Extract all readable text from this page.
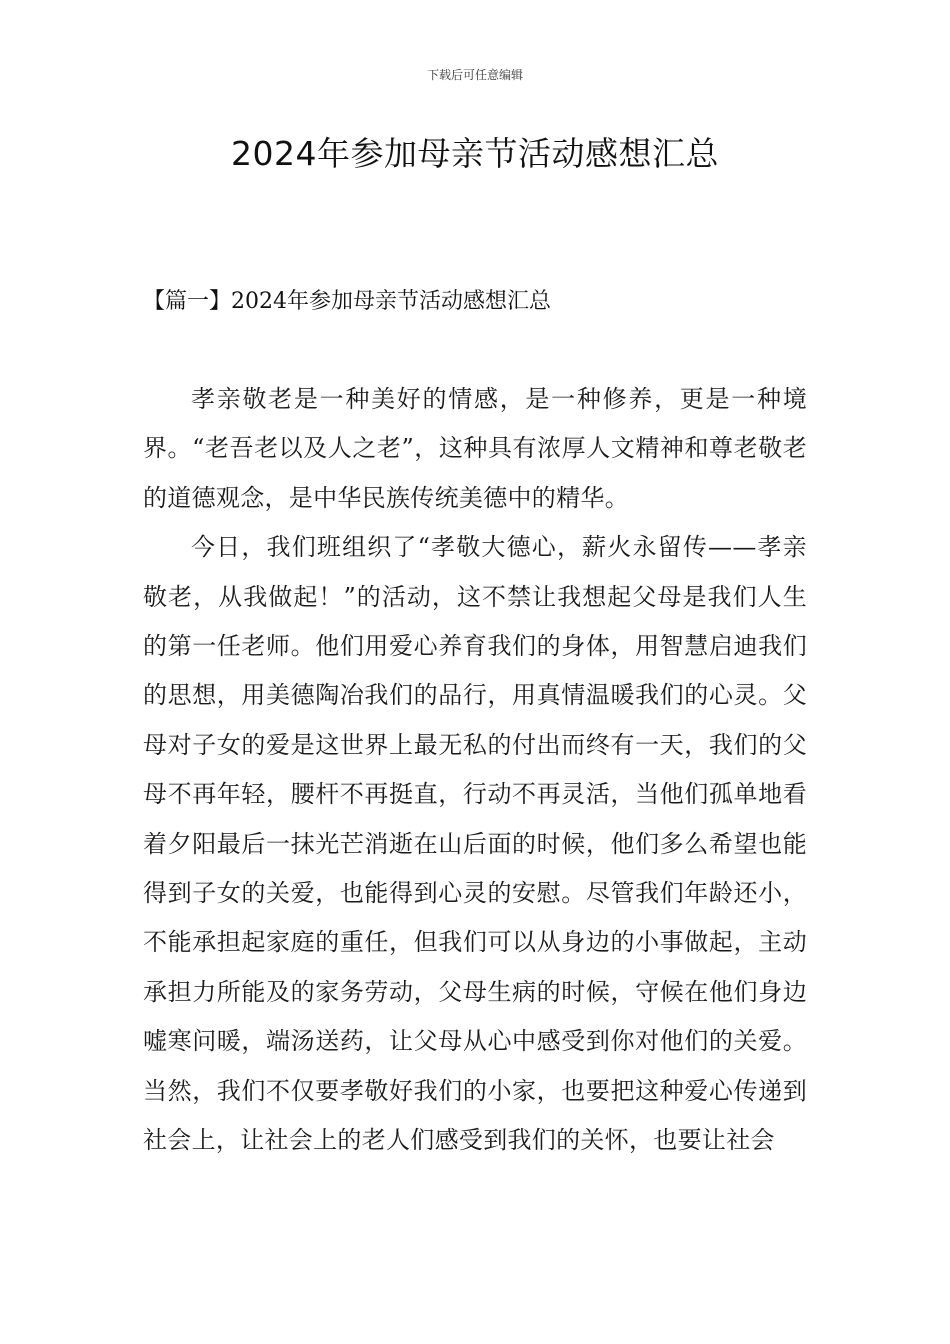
下载后可任意编辑
2024年参加母亲节活动感想汇总
【篇一】2024年参加母亲节活动感想汇总

孝亲敬老是一种美好的情感，是一种修养，更是一种境界。“老吾老以及人之老”，这种具有浓厚人文精神和尊老敬老的道德观念，是中华民族传统美德中的精华。

今日，我们班组织了“孝敬大德心，薪火永留传——孝亲敬老，从我做起！”的活动，这不禁让我想起父母是我们人生的第一任老师。他们用爱心养育我们的身体，用智慧启迪我们的思想，用美德陶冶我们的品行，用真情温暖我们的心灵。父母对子女的爱是这世界上最无私的付出而终有一天，我们的父母不再年轻，腰杆不再挺直，行动不再灵活，当他们孤单地看着夕阳最后一抹光芒消逝在山后面的时候，他们多么希望也能得到子女的关爱，也能得到心灵的安慰。尽管我们年龄还小，不能承担起家庭的重任，但我们可以从身边的小事做起，主动承担力所能及的家务劳动，父母生病的时候，守候在他们身边嘘寒问暖，端汤送药，让父母从心中感受到你对他们的关爱。当然，我们不仅要孝敬好我们的小家，也要把这种爱心传递到社会上，让社会上的老人们感受到我们的关怀，也要让社会
